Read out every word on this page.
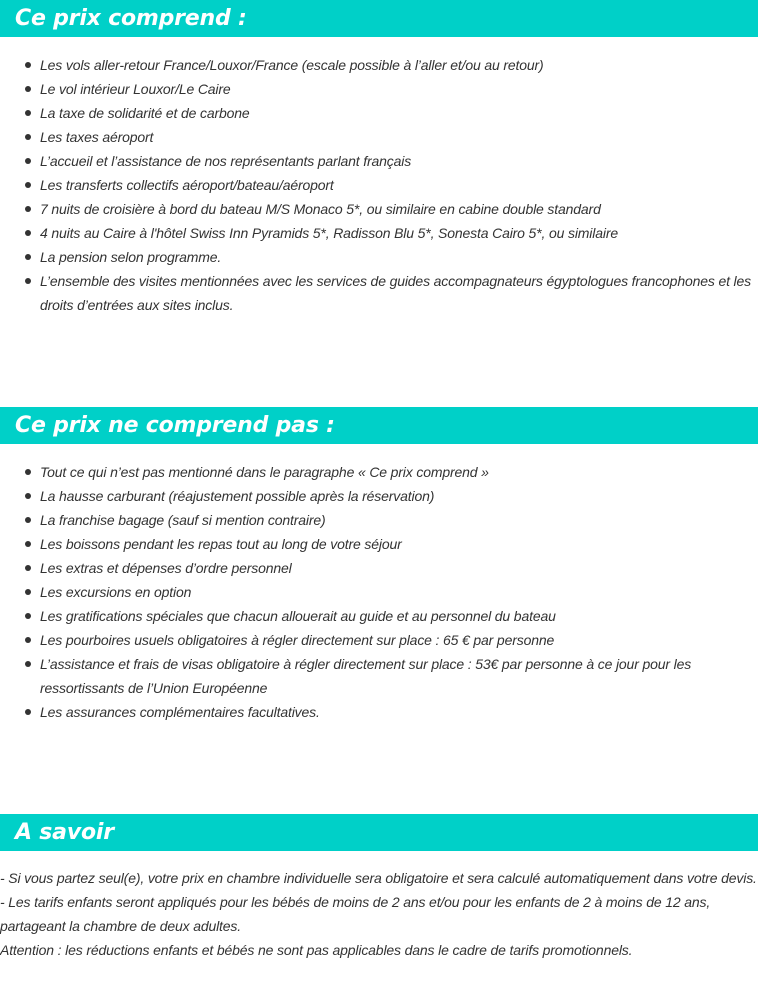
Ce prix comprend :
Les vols aller-retour France/Louxor/France (escale possible à l’aller et/ou au retour)
Le vol intérieur Louxor/Le Caire
La taxe de solidarité et de carbone
Les taxes aéroport
L’accueil et l’assistance de nos représentants parlant français
Les transferts collectifs aéroport/bateau/aéroport
7 nuits de croisière à bord du bateau M/S Monaco 5*, ou similaire en cabine double standard
4 nuits au Caire à l'hôtel Swiss Inn Pyramids 5*, Radisson Blu 5*, Sonesta Cairo 5*, ou similaire
La pension selon programme.
L’ensemble des visites mentionnées avec les services de guides accompagnateurs égyptologues francophones et les droits d’entrées aux sites inclus.
Ce prix ne comprend pas :
Tout ce qui n’est pas mentionné dans le paragraphe « Ce prix comprend »
La hausse carburant (réajustement possible après la réservation)
La franchise bagage (sauf si mention contraire)
Les boissons pendant les repas tout au long de votre séjour
Les extras et dépenses d’ordre personnel
Les excursions en option
Les gratifications spéciales que chacun allouerait au guide et au personnel du bateau
Les pourboires usuels obligatoires à régler directement sur place : 65 € par personne
L’assistance et frais de visas obligatoire à régler directement sur place : 53€ par personne à ce jour pour les ressortissants de l’Union Européenne
Les assurances complémentaires facultatives.
A savoir

- Si vous partez seul(e), votre prix en chambre individuelle sera obligatoire et sera calculé automatiquement dans votre devis.

- Les tarifs enfants seront appliqués pour les bébés de moins de 2 ans et/ou pour les enfants de 2 à moins de 12 ans, partageant la chambre de deux adultes.

Attention : les réductions enfants et bébés ne sont pas applicables dans le cadre de tarifs promotionnels.
